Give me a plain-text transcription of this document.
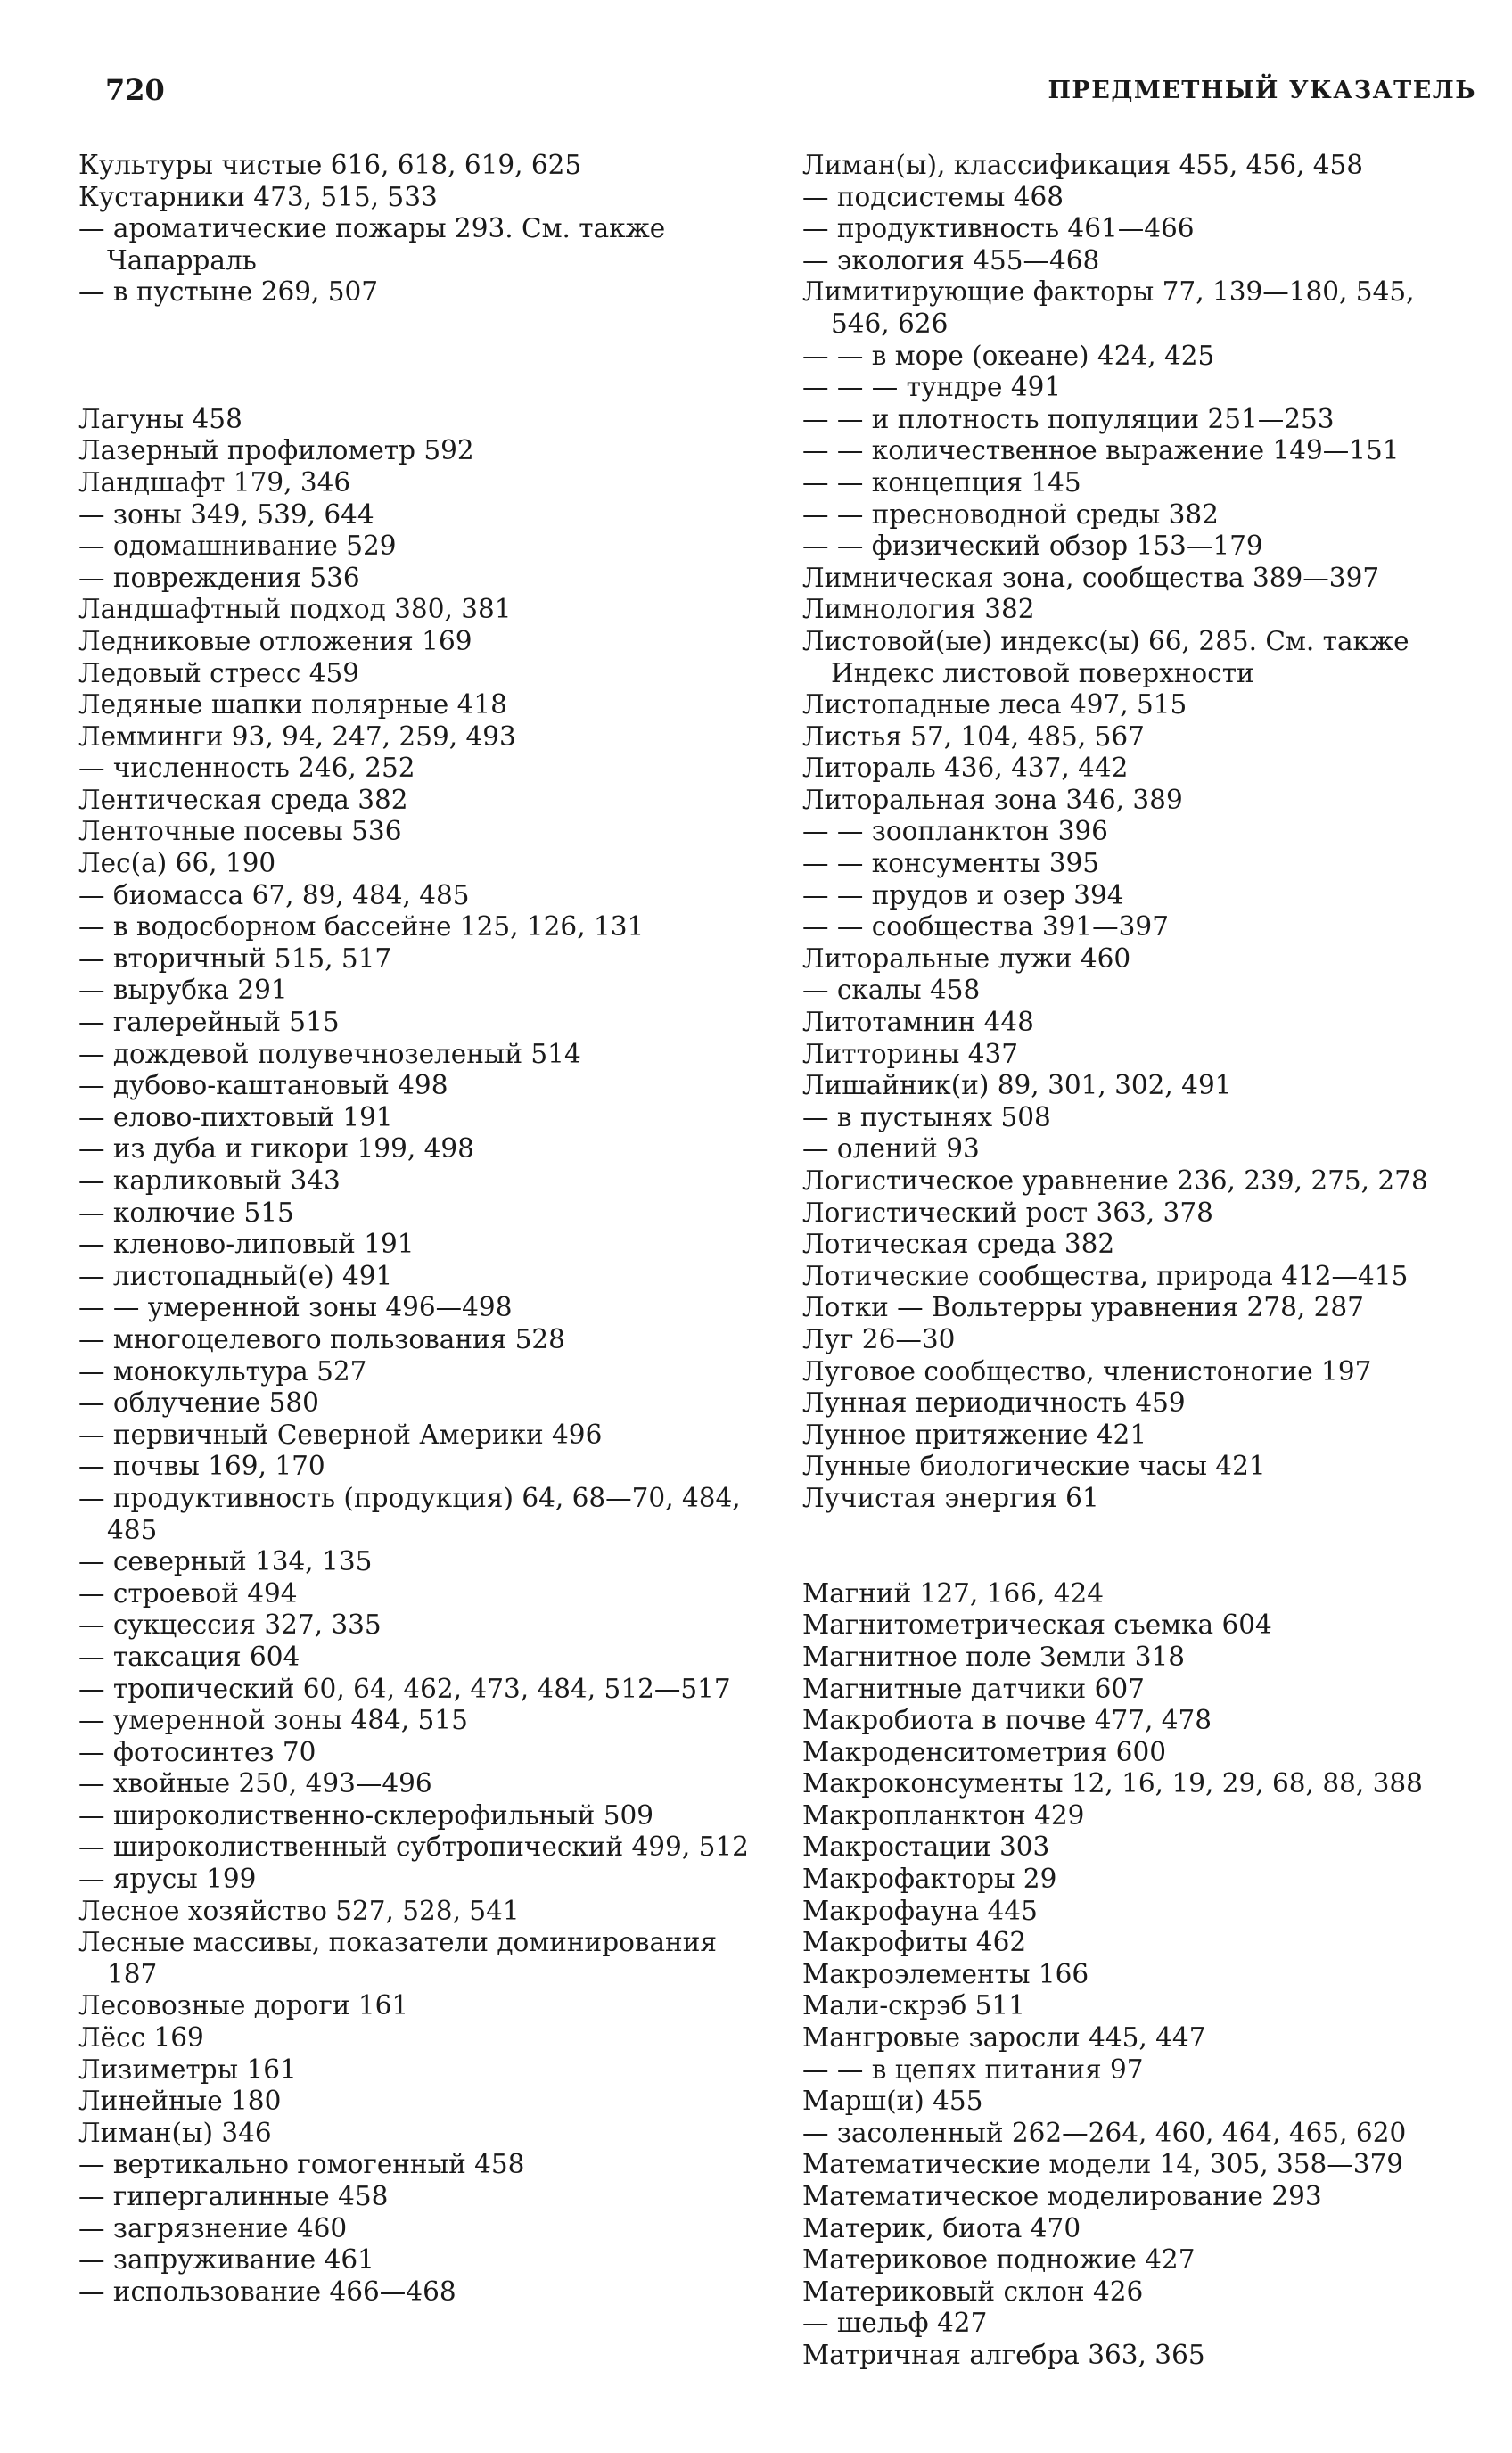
720	ПРЕДМЕТНЫЙ УКАЗАТЕЛЬ

Культуры чистые 616, 618, 619, 625

Кустарники 473, 515, 533

— ароматические пожары 293. См. также Чапарраль

— в пустыне 269, 507

Лагуны 458

Лазерный профилометр 592

Ландшафт 179, 346

— зоны 349, 539, 644

— одомашнивание 529

— повреждения 536

Ландшафтный подход 380, 381

Ледниковые отложения 169

Ледовый стресс 459

Ледяные шапки полярные 418

Лемминги 93, 94, 247, 259, 493

— численность 246, 252

Лентическая среда 382

Ленточные посевы 536

Лес(а) 66, 190

— биомасса 67, 89, 484, 485

— в водосборном бассейне 125, 126, 131

— вторичный 515, 517

— вырубка 291

— галерейный 515

— дождевой полувечнозеленый 514

— дубово-каштановый 498

— елово-пихтовый 191

— из дуба и гикори 199, 498

— карликовый 343

— колючие 515

— кленово-липовый 191

— листопадный(е) 491

— — умеренной зоны 496—498

— многоцелевого пользования 528

— монокультура 527

— облучение 580

— первичный Северной Америки 496

— почвы 169, 170

— продуктивность (продукция) 64, 68—70, 484, 485

— северный 134, 135

— строевой 494

— сукцессия 327, 335

— таксация 604

— тропический 60, 64, 462, 473, 484, 512—517

— умеренной зоны 484, 515

— фотосинтез 70

— хвойные 250, 493—496

— широколиственно-склерофильный 509

— широколиственный субтропический 499, 512

— ярусы 199

Лесное хозяйство 527, 528, 541

Лесные массивы, показатели доминирования 187

Лесовозные дороги 161

Лёсс 169

Лизиметры 161

Линейные 180

Лиман(ы) 346

— вертикально гомогенный 458

— гипергалинные 458

— загрязнение 460

— запруживание 461

— использование 466—468

Лиман(ы), классификация 455, 456, 458

— подсистемы 468

— продуктивность 461—466

— экология 455—468

Лимитирующие факторы 77, 139—180, 545, 546, 626

— — в море (океане) 424, 425

— — — тундре 491

— — и плотность популяции 251—253

— — количественное выражение 149—151

— — концепция 145

— — пресноводной среды 382

— — физический обзор 153—179

Лимническая зона, сообщества 389—397

Лимнология 382

Листовой(ые) индекс(ы) 66, 285. См. также Индекс листовой поверхности

Листопадные леса 497, 515

Листья 57, 104, 485, 567

Литораль 436, 437, 442

Литоральная зона 346, 389

— — зоопланктон 396

— — консументы 395

— — прудов и озер 394

— — сообщества 391—397

Литоральные лужи 460

— скалы 458

Литотамнин 448

Литторины 437

Лишайник(и) 89, 301, 302, 491

— в пустынях 508

— олений 93

Логистическое уравнение 236, 239, 275, 278

Логистический рост 363, 378

Лотическая среда 382

Лотические сообщества, природа 412—415

Лотки — Вольтерры уравнения 278, 287

Луг 26—30

Луговое сообщество, членистоногие 197

Лунная периодичность 459

Лунное притяжение 421

Лунные биологические часы 421

Лучистая энергия 61

Магний 127, 166, 424

Магнитометрическая съемка 604

Магнитное поле Земли 318

Магнитные датчики 607

Макробиота в почве 477, 478

Макроденситометрия 600

Макроконсументы 12, 16, 19, 29, 68, 88, 388

Макропланктон 429

Макростации 303

Макрофакторы 29

Макрофауна 445

Макрофиты 462

Макроэлементы 166

Мали-скрэб 511

Мангровые заросли 445, 447

— — в цепях питания 97

Марш(и) 455

— засоленный 262—264, 460, 464, 465, 620

Математические модели 14, 305, 358—379

Математическое моделирование 293

Материк, биота 470

Материковое подножие 427

Материковый склон 426

— шельф 427

Матричная алгебра 363, 365
